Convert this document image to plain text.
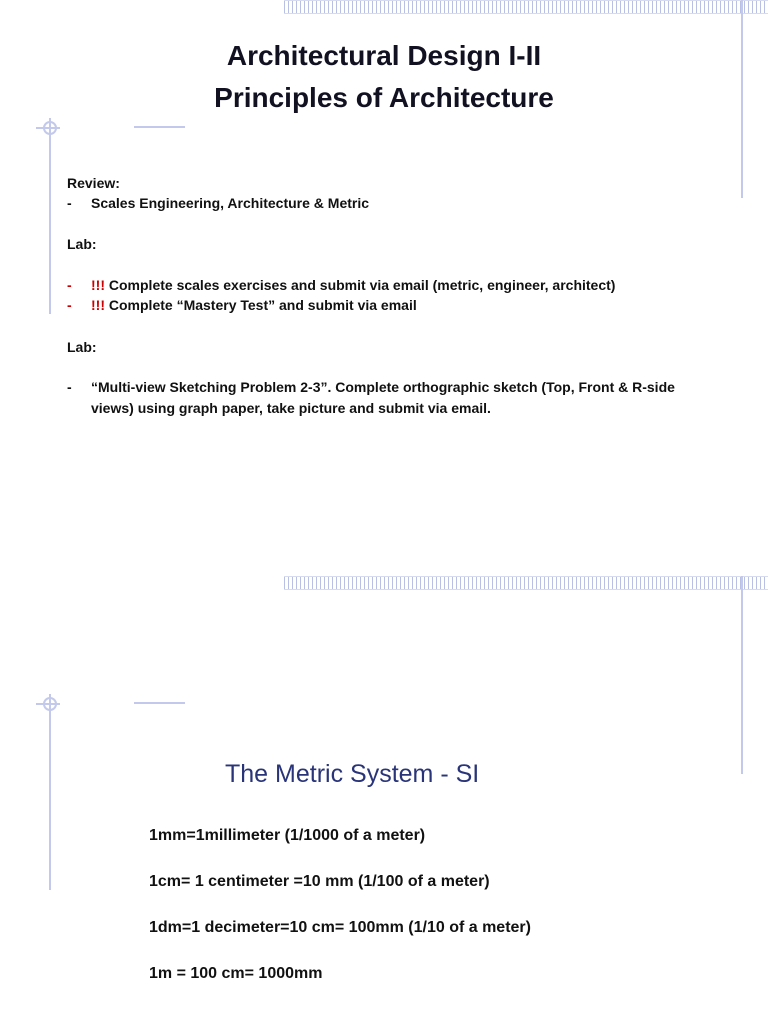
Architectural Design I-II
Principles of Architecture
Review:
-	Scales Engineering, Architecture & Metric
Lab:
-	!!! Complete scales exercises and submit via email (metric, engineer, architect)
-	!!! Complete “Mastery Test” and submit via email
Lab:
-	“Multi-view Sketching Problem 2-3”. Complete orthographic sketch (Top, Front & R-side views) using graph paper, take picture and submit via email.
The Metric System - SI
1mm=1millimeter (1/1000 of a meter)
1cm= 1 centimeter =10 mm (1/100 of a meter)
1dm=1 decimeter=10 cm= 100mm (1/10 of a meter)
1m = 100 cm= 1000mm
